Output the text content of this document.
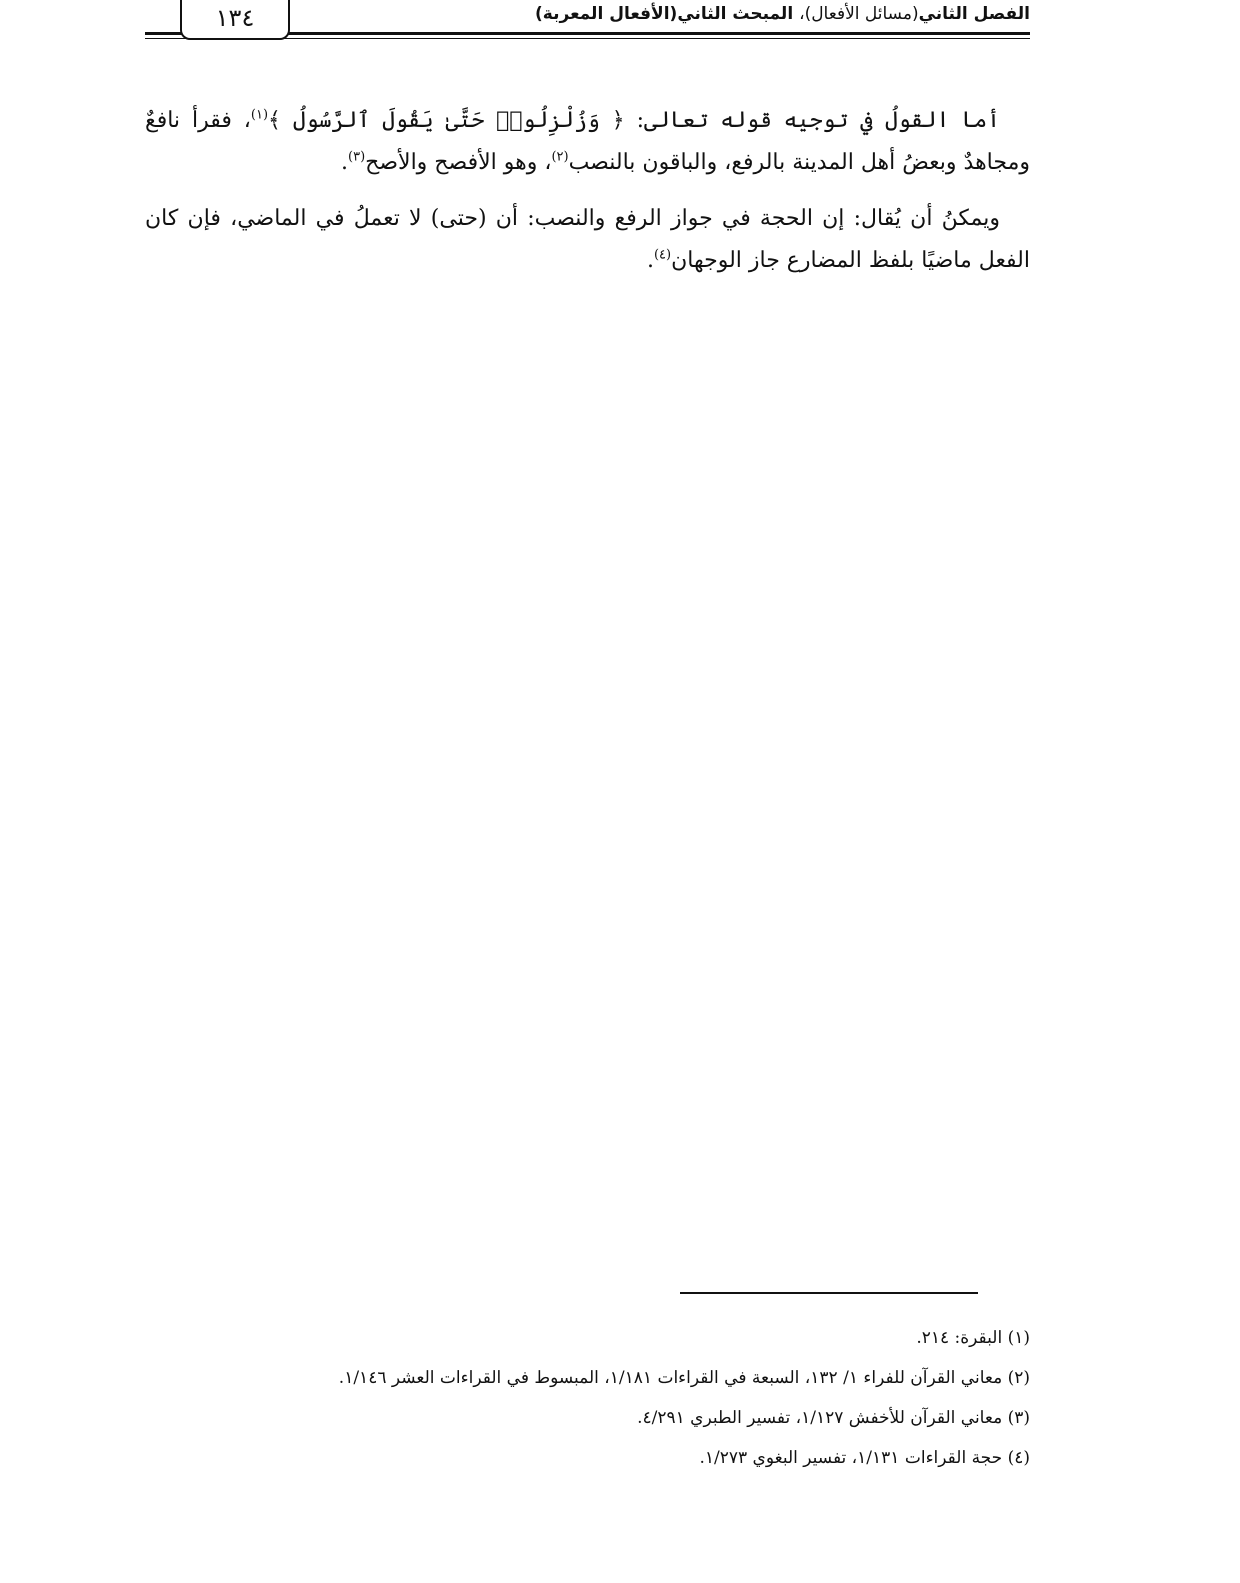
الفصل الثاني(مسائل الأفعال)، المبحث الثاني(الأفعال المعربة)
١٣٤

أما القولُ في توجيه قوله تعالى: ﴿ وَزُلْزِلُوا۟ حَتَّىٰ يَقُولَ ٱلرَّسُولُ ﴾$^{(١)}$، فقرأ نافعٌ ومجاهدٌ وبعضُ أهل المدينة بالرفع، والباقون بالنصب$^{(٢)}$، وهو الأفصح والأصح$^{(٣)}$.

ويمكنُ أن يُقال: إن الحجة في جواز الرفع والنصب: أن (حتى) لا تعملُ في الماضي، فإن كان الفعل ماضيًا بلفظ المضارع جاز الوجهان$^{(٤)}$.

(١) البقرة: ٢١٤.
(٢) معاني القرآن للفراء ١/ ١٣٢، السبعة في القراءات ١/١٨١، المبسوط في القراءات العشر ١/١٤٦.
(٣) معاني القرآن للأخفش ١/١٢٧، تفسير الطبري ٤/٢٩١.
(٤) حجة القراءات ١/١٣١، تفسير البغوي ١/٢٧٣.
